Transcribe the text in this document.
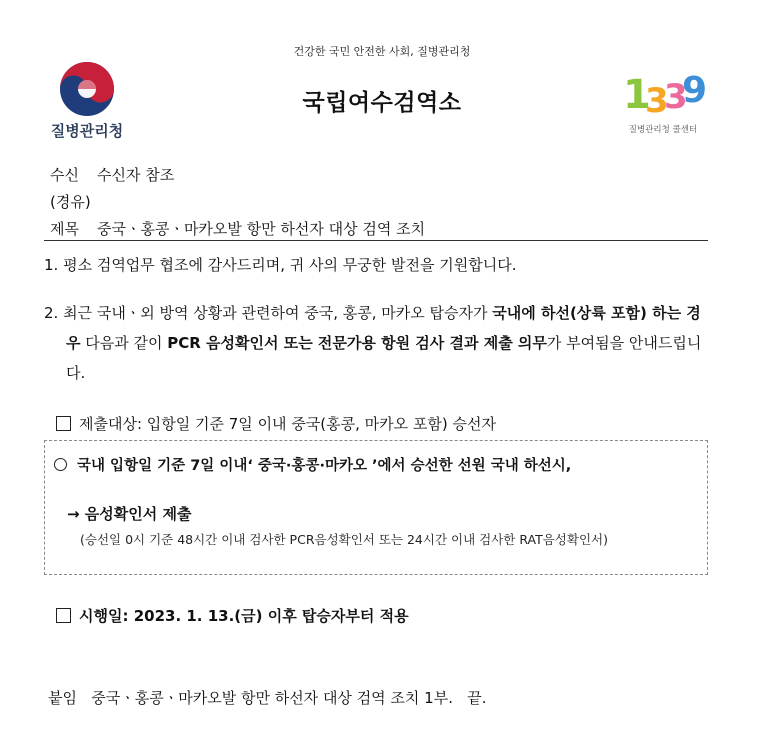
건강한 국민 안전한 사회, 질병관리청
질병관리청
국립여수검역소	1
3
3
9
질병관리청 콜센터
수신 수신자 참조
(경유)
제목 중국ㆍ홍콩ㆍ마카오발 항만 하선자 대상 검역 조치
1. 평소 검역업무 협조에 감사드리며, 귀 사의 무궁한 발전을 기원합니다.
2. 최근 국내ㆍ외 방역 상황과 관련하여 중국, 홍콩, 마카오 탑승자가 국내에 하선(상륙 포함) 하는 경우 다음과 같이 PCR 음성확인서 또는 전문가용 항원 검사 결과 제출 의무가 부여됨을 안내드립니다.
제출대상: 입항일 기준 7일 이내 중국(홍콩, 마카오 포함) 승선자
국내 입항일 기준 7일 이내‘ 중국·홍콩·마카오 ’에서 승선한 선원 국내 하선시,
→ 음성확인서 제출
(승선일 0시 기준 48시간 이내 검사한 PCR음성확인서 또는 24시간 이내 검사한 RAT음성확인서)
시행일: 2023. 1. 13.(금) 이후 탑승자부터 적용
붙임   중국ㆍ홍콩ㆍ마카오발 항만 하선자 대상 검역 조치 1부.   끝.
